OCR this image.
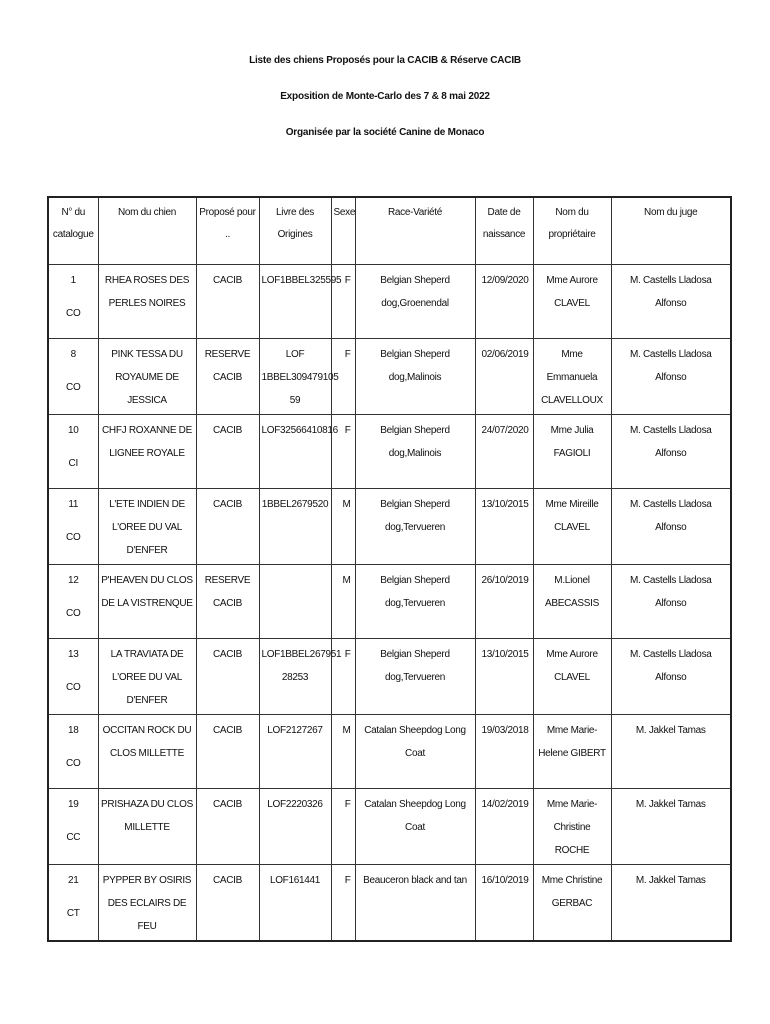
Liste des chiens Proposés pour la CACIB & Réserve CACIB
Exposition de Monte-Carlo des 7 & 8 mai 2022
Organisée par la société Canine de Monaco
N° du catalogue	Nom du chien	Proposé pour ..	Livre des Origines	Sexe	Race-Variété	Date de naissance	Nom du propriétaire	Nom du juge

1
CO	RHEA ROSES DES PERLES NOIRES	CACIB	LOF1BBEL325595	F	Belgian Sheperd dog,Groenendal	12/09/2020	Mme Aurore CLAVEL	M. Castells Lladosa Alfonso

8
CO	PINK TESSA DU ROYAUME DE JESSICA	RESERVE CACIB	LOF 1BBEL309479105 59	F	Belgian Sheperd dog,Malinois	02/06/2019	Mme Emmanuela CLAVELLOUX	M. Castells Lladosa Alfonso

10
CI	CHFJ ROXANNE DE LIGNEE ROYALE	CACIB	LOF32566410816	F	Belgian Sheperd dog,Malinois	24/07/2020	Mme Julia FAGIOLI	M. Castells Lladosa Alfonso

11
CO	L'ETE INDIEN DE L'OREE DU VAL D'ENFER	CACIB	1BBEL2679520	M	Belgian Sheperd dog,Tervueren	13/10/2015	Mme Mireille CLAVEL	M. Castells Lladosa Alfonso

12
CO	P'HEAVEN DU CLOS DE LA VISTRENQUE	RESERVE CACIB		M	Belgian Sheperd dog,Tervueren	26/10/2019	M.Lionel ABECASSIS	M. Castells Lladosa Alfonso

13
CO	LA TRAVIATA DE L'OREE DU VAL D'ENFER	CACIB	LOF1BBEL267951 28253	F	Belgian Sheperd dog,Tervueren	13/10/2015	Mme Aurore CLAVEL	M. Castells Lladosa Alfonso

18
CO	OCCITAN ROCK DU CLOS MILLETTE	CACIB	LOF2127267	M	Catalan Sheepdog Long Coat	19/03/2018	Mme Marie-Helene GIBERT	M. Jakkel Tamas

19
CC	PRISHAZA DU CLOS MILLETTE	CACIB	LOF2220326	F	Catalan Sheepdog Long Coat	14/02/2019	Mme Marie-Christine ROCHE	M. Jakkel Tamas

21
CT	PYPPER BY OSIRIS DES ECLAIRS DE FEU	CACIB	LOF161441	F	Beauceron black and tan	16/10/2019	Mme Christine GERBAC	M. Jakkel Tamas
